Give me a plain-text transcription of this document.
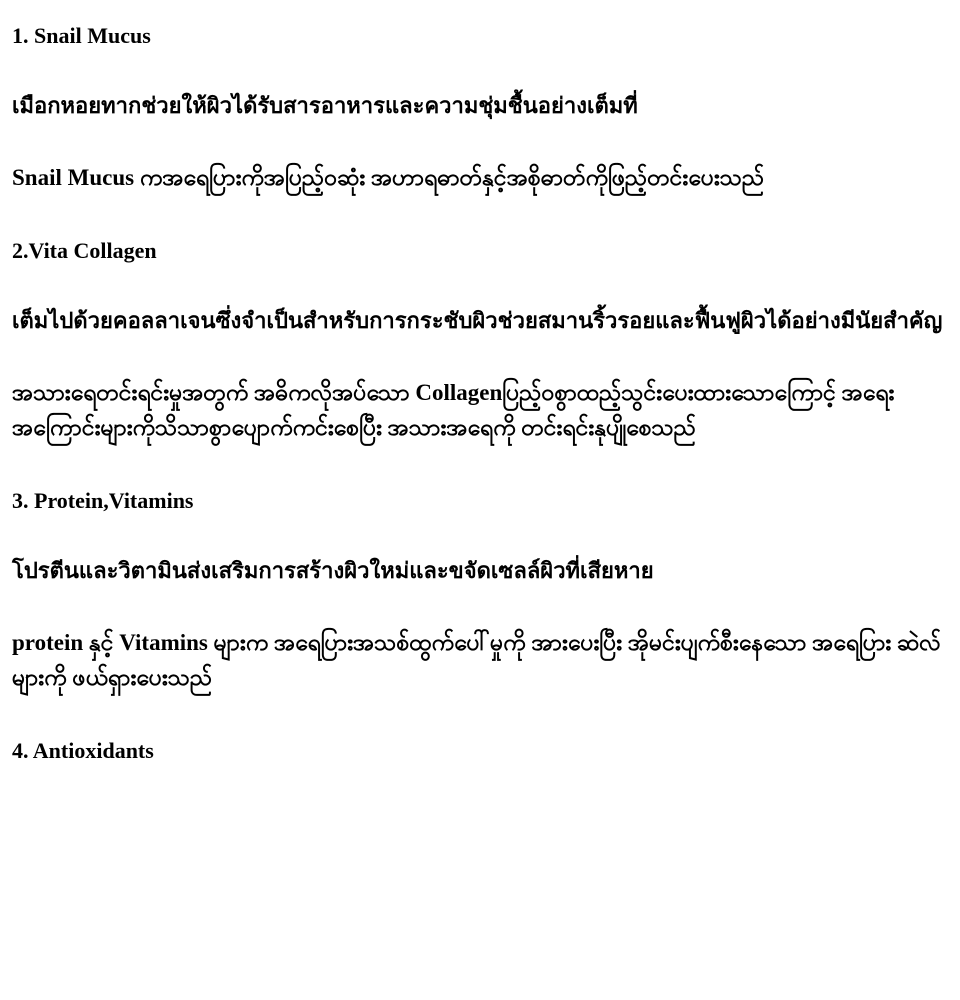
1. Snail Mucus

เมือกหอยทากช่วยให้ผิวได้รับสารอาหารและความชุ่มชื้นอย่างเต็มที่

Snail Mucus ကအရေပြားကိုအပြည့်ဝဆုံး အဟာရဓာတ်နှင့်အစိုဓာတ်ကိုဖြည့်တင်းပေးသည်

2.Vita Collagen

เต็มไปด้วยคอลลาเจนซึ่งจำเป็นสำหรับการกระชับผิวช่วยสมานริ้วรอยและฟื้นฟูผิวได้อย่างมีนัยสำคัญ

အသားရေတင်းရင်းမှုအတွက် အဓိကလိုအပ်သော Collagenပြည့်ဝစွာထည့်သွင်းပေးထားသောကြောင့် အရေးအကြောင်းများကိုသိသာစွာပျောက်ကင်းစေပြီး အသားအရေကို တင်းရင်းနုပျိုစေသည်

3. Protein,Vitamins

โปรตีนและวิตามินส่งเสริมการสร้างผิวใหม่และขจัดเซลล์ผิวที่เสียหาย

protein နှင့် Vitamins များက အရေပြားအသစ်ထွက်ပေါ်မှုကို အားပေးပြီး အိုမင်းပျက်စီးနေသော အရေပြား ဆဲလ် များကို ဖယ်ရှားပေးသည်

4. Antioxidants
